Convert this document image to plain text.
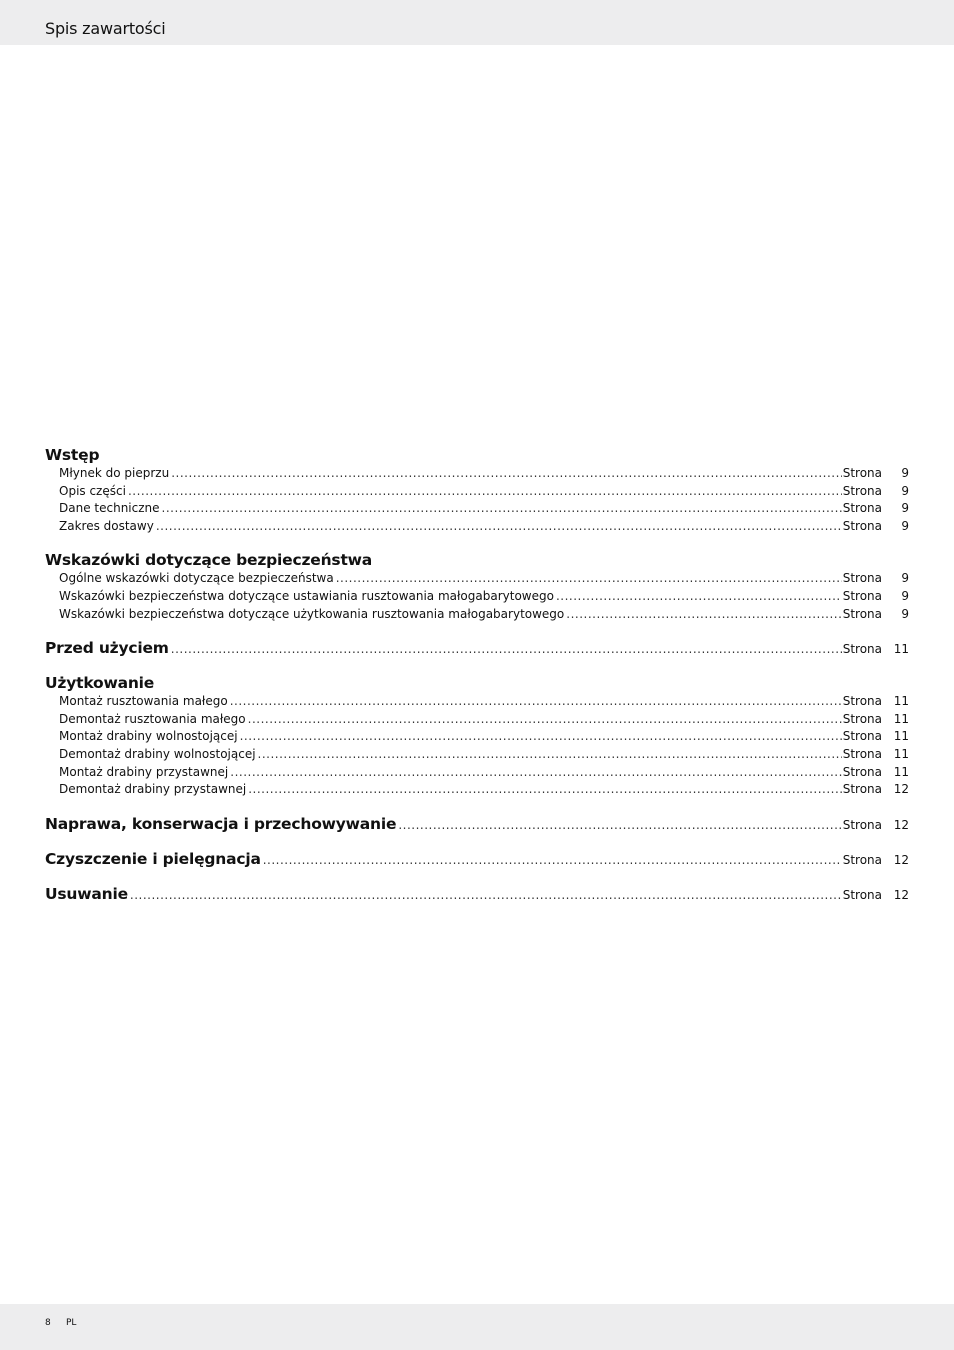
Spis zawartości
Wstęp
Młynek do pieprzu .....	Strona	9
Opis części .....	Strona	9
Dane techniczne .....	Strona	9
Zakres dostawy .....	Strona	9
Wskazówki dotyczące bezpieczeństwa
Ogólne wskazówki dotyczące bezpieczeństwa .....	Strona	9
Wskazówki bezpieczeństwa dotyczące ustawiania rusztowania małogabarytowego .....	Strona	9
Wskazówki bezpieczeństwa dotyczące użytkowania rusztowania małogabarytowego .....	Strona	9
Przed użyciem .....	Strona 11
Użytkowanie
Montaż rusztowania małego .....	Strona 11
Demontaż rusztowania małego .....	Strona 11
Montaż drabiny wolnostojącej .....	Strona 11
Demontaż drabiny wolnostojącej .....	Strona 11
Montaż drabiny przystawnej .....	Strona 11
Demontaż drabiny przystawnej .....	Strona 12
Naprawa, konserwacja i przechowywanie .....	Strona 12
Czyszczenie i pielęgnacja .....	Strona 12
Usuwanie .....	Strona 12
8 PL
